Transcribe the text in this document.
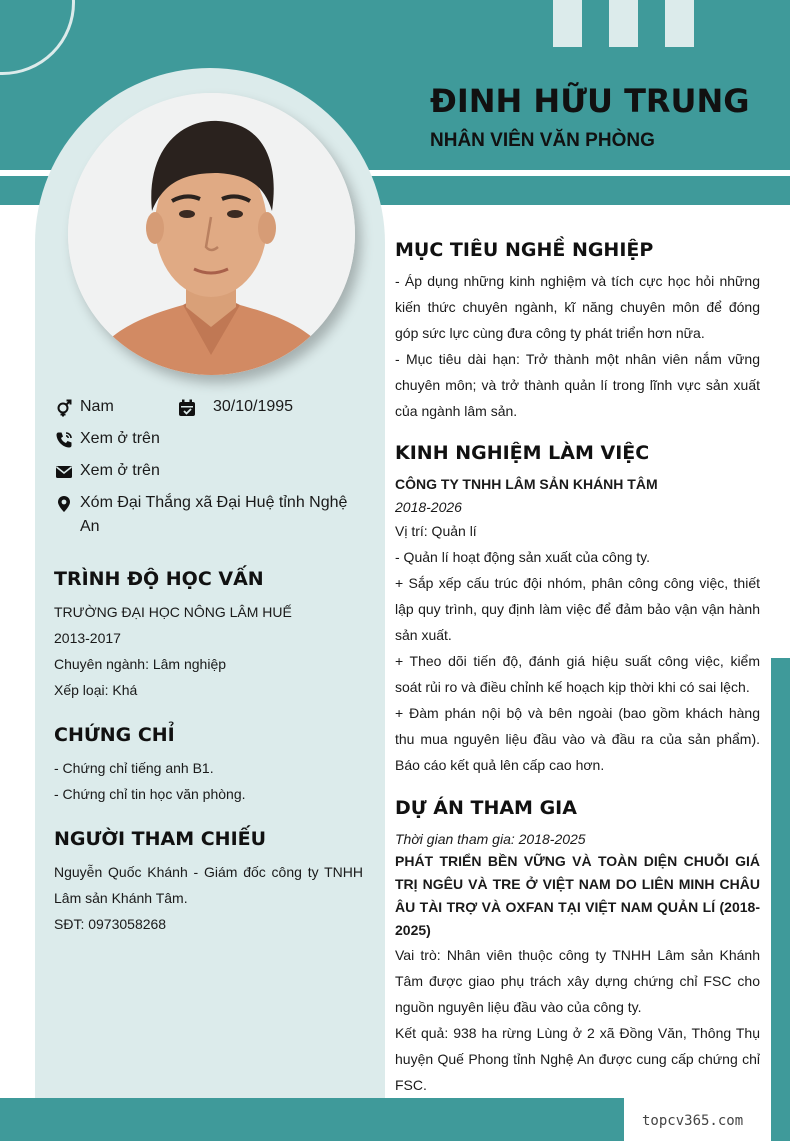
ĐINH HỮU TRUNG
NHÂN VIÊN VĂN PHÒNG
Nam	30/10/1995
Xem ở trên
Xem ở trên
Xóm Đại Thắng xã Đại Huệ tỉnh Nghệ An
TRÌNH ĐỘ HỌC VẤN

TRƯỜNG ĐẠI HỌC NÔNG LÂM HUẾ

2013-2017

Chuyên ngành: Lâm nghiệp

Xếp loại: Khá

CHỨNG CHỈ

- Chứng chỉ tiếng anh B1.

- Chứng chỉ tin học văn phòng.

NGƯỜI THAM CHIẾU

Nguyễn Quốc Khánh - Giám đốc công ty TNHH Lâm sản Khánh Tâm.

SĐT: 0973058268

MỤC TIÊU NGHỀ NGHIỆP

- Áp dụng những kinh nghiệm và tích cực học hỏi những kiến thức chuyên ngành, kĩ năng chuyên môn để đóng góp sức lực cùng đưa công ty phát triển hơn nữa.

- Mục tiêu dài hạn: Trở thành một nhân viên nắm vững chuyên môn; và trở thành quản lí trong lĩnh vực sản xuất của ngành lâm sản.

KINH NGHIỆM LÀM VIỆC

CÔNG TY TNHH LÂM SẢN KHÁNH TÂM

2018-2026

Vị trí: Quản lí

- Quản lí hoạt động sản xuất của công ty.

+ Sắp xếp cấu trúc đội nhóm, phân công công việc, thiết lập quy trình, quy định làm việc để đảm bảo vận vận hành sản xuất.

+ Theo dõi tiến độ, đánh giá hiệu suất công việc, kiểm soát rủi ro và điều chỉnh kế hoạch kịp thời khi có sai lệch.

+ Đàm phán nội bộ và bên ngoài (bao gồm khách hàng thu mua nguyên liệu đầu vào và đầu ra của sản phẩm). Báo cáo kết quả lên cấp cao hơn.

DỰ ÁN THAM GIA

Thời gian tham gia: 2018-2025

PHÁT TRIỂN BỀN VỮNG VÀ TOÀN DIỆN CHUỖI GIÁ TRỊ NGÊU VÀ TRE Ở VIỆT NAM DO LIÊN MINH CHÂU ÂU TÀI TRỢ VÀ OXFAN TẠI VIỆT NAM QUẢN LÍ (2018-2025)

Vai trò: Nhân viên thuộc công ty TNHH Lâm sản Khánh Tâm được giao phụ trách xây dựng chứng chỉ FSC cho nguồn nguyên liệu đầu vào của công ty.

Kết quả: 938 ha rừng Lùng ở 2 xã Đồng Văn, Thông Thụ huyện Quế Phong tỉnh Nghệ An được cung cấp chứng chỉ FSC.

topcv365.com
